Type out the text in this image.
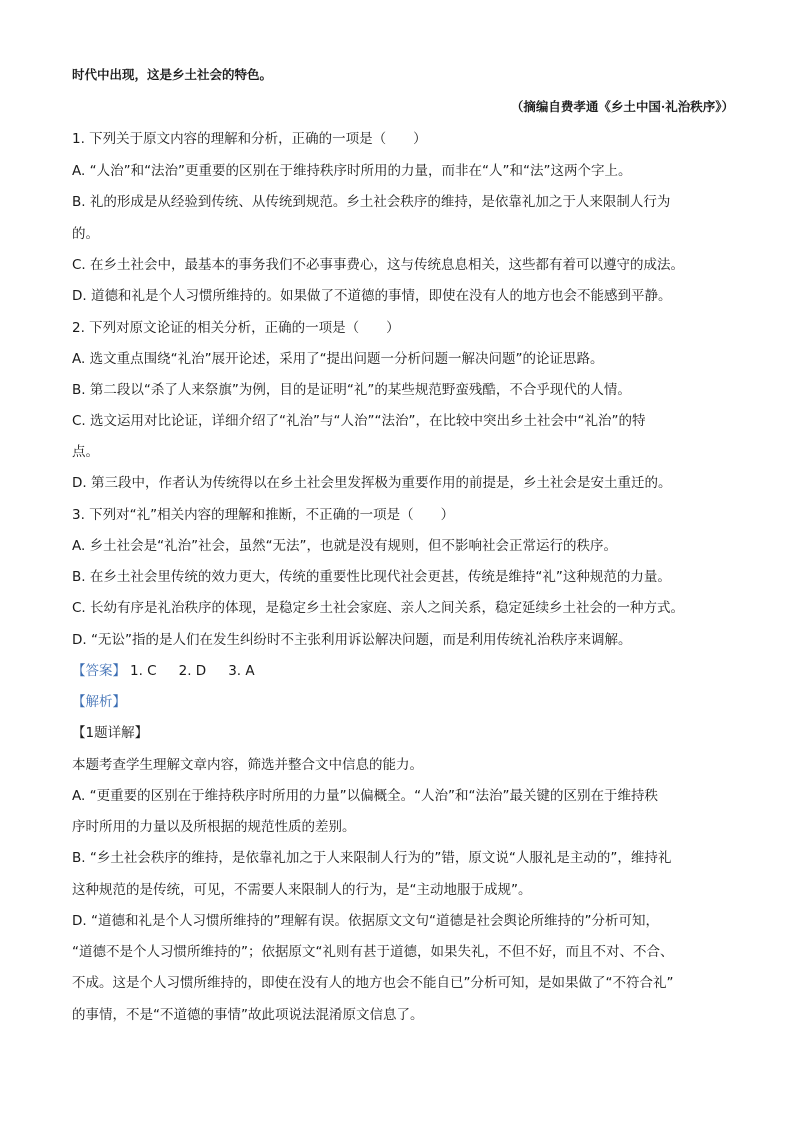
时代中出现，这是乡土社会的特色。
（摘编自费孝通《乡土中国·礼治秩序》）
1. 下列关于原文内容的理解和分析，正确的一项是（　　）
A. “人治”和“法治”更重要的区别在于维持秩序时所用的力量，而非在“人”和“法”这两个字上。
B. 礼的形成是从经验到传统、从传统到规范。乡土社会秩序的维持，是依靠礼加之于人来限制人行为
的。
C. 在乡土社会中，最基本的事务我们不必事事费心，这与传统息息相关，这些都有着可以遵守的成法。
D. 道德和礼是个人习惯所维持的。如果做了不道德的事情，即使在没有人的地方也会不能感到平静。
2. 下列对原文论证的相关分析，正确的一项是（　　）
A. 选文重点围绕“礼治”展开论述，采用了“提出问题一分析问题一解决问题”的论证思路。
B. 第二段以“杀了人来祭旗”为例，目的是证明“礼”的某些规范野蛮残酷，不合乎现代的人情。
C. 选文运用对比论证，详细介绍了“礼治”与“人治”“法治”，在比较中突出乡土社会中“礼治”的特
点。
D. 第三段中，作者认为传统得以在乡土社会里发挥极为重要作用的前提是，乡土社会是安土重迁的。
3. 下列对“礼”相关内容的理解和推断，不正确的一项是（　　）
A. 乡土社会是“礼治”社会，虽然“无法”，也就是没有规则，但不影响社会正常运行的秩序。
B. 在乡土社会里传统的效力更大，传统的重要性比现代社会更甚，传统是维持“礼”这种规范的力量。
C. 长幼有序是礼治秩序的体现，是稳定乡土社会家庭、亲人之间关系，稳定延续乡土社会的一种方式。
D. “无讼”指的是人们在发生纠纷时不主张利用诉讼解决问题，而是利用传统礼治秩序来调解。
【答案】 1. C 2. D 3. A
【解析】
【1题详解】
本题考查学生理解文章内容，筛选并整合文中信息的能力。
A. “更重要的区别在于维持秩序时所用的力量”以偏概全。“人治”和“法治”最关键的区别在于维持秩
序时所用的力量以及所根据的规范性质的差别。
B. “乡土社会秩序的维持，是依靠礼加之于人来限制人行为的”错，原文说“人服礼是主动的”，维持礼
这种规范的是传统，可见，不需要人来限制人的行为，是“主动地服于成规”。
D. “道德和礼是个人习惯所维持的”理解有误。依据原文文句“道德是社会舆论所维持的”分析可知，
“道德不是个人习惯所维持的”；依据原文“礼则有甚于道德，如果失礼，不但不好，而且不对、不合、
不成。这是个人习惯所维持的，即使在没有人的地方也会不能自已”分析可知，是如果做了“不符合礼”
的事情，不是“不道德的事情”故此项说法混淆原文信息了。
